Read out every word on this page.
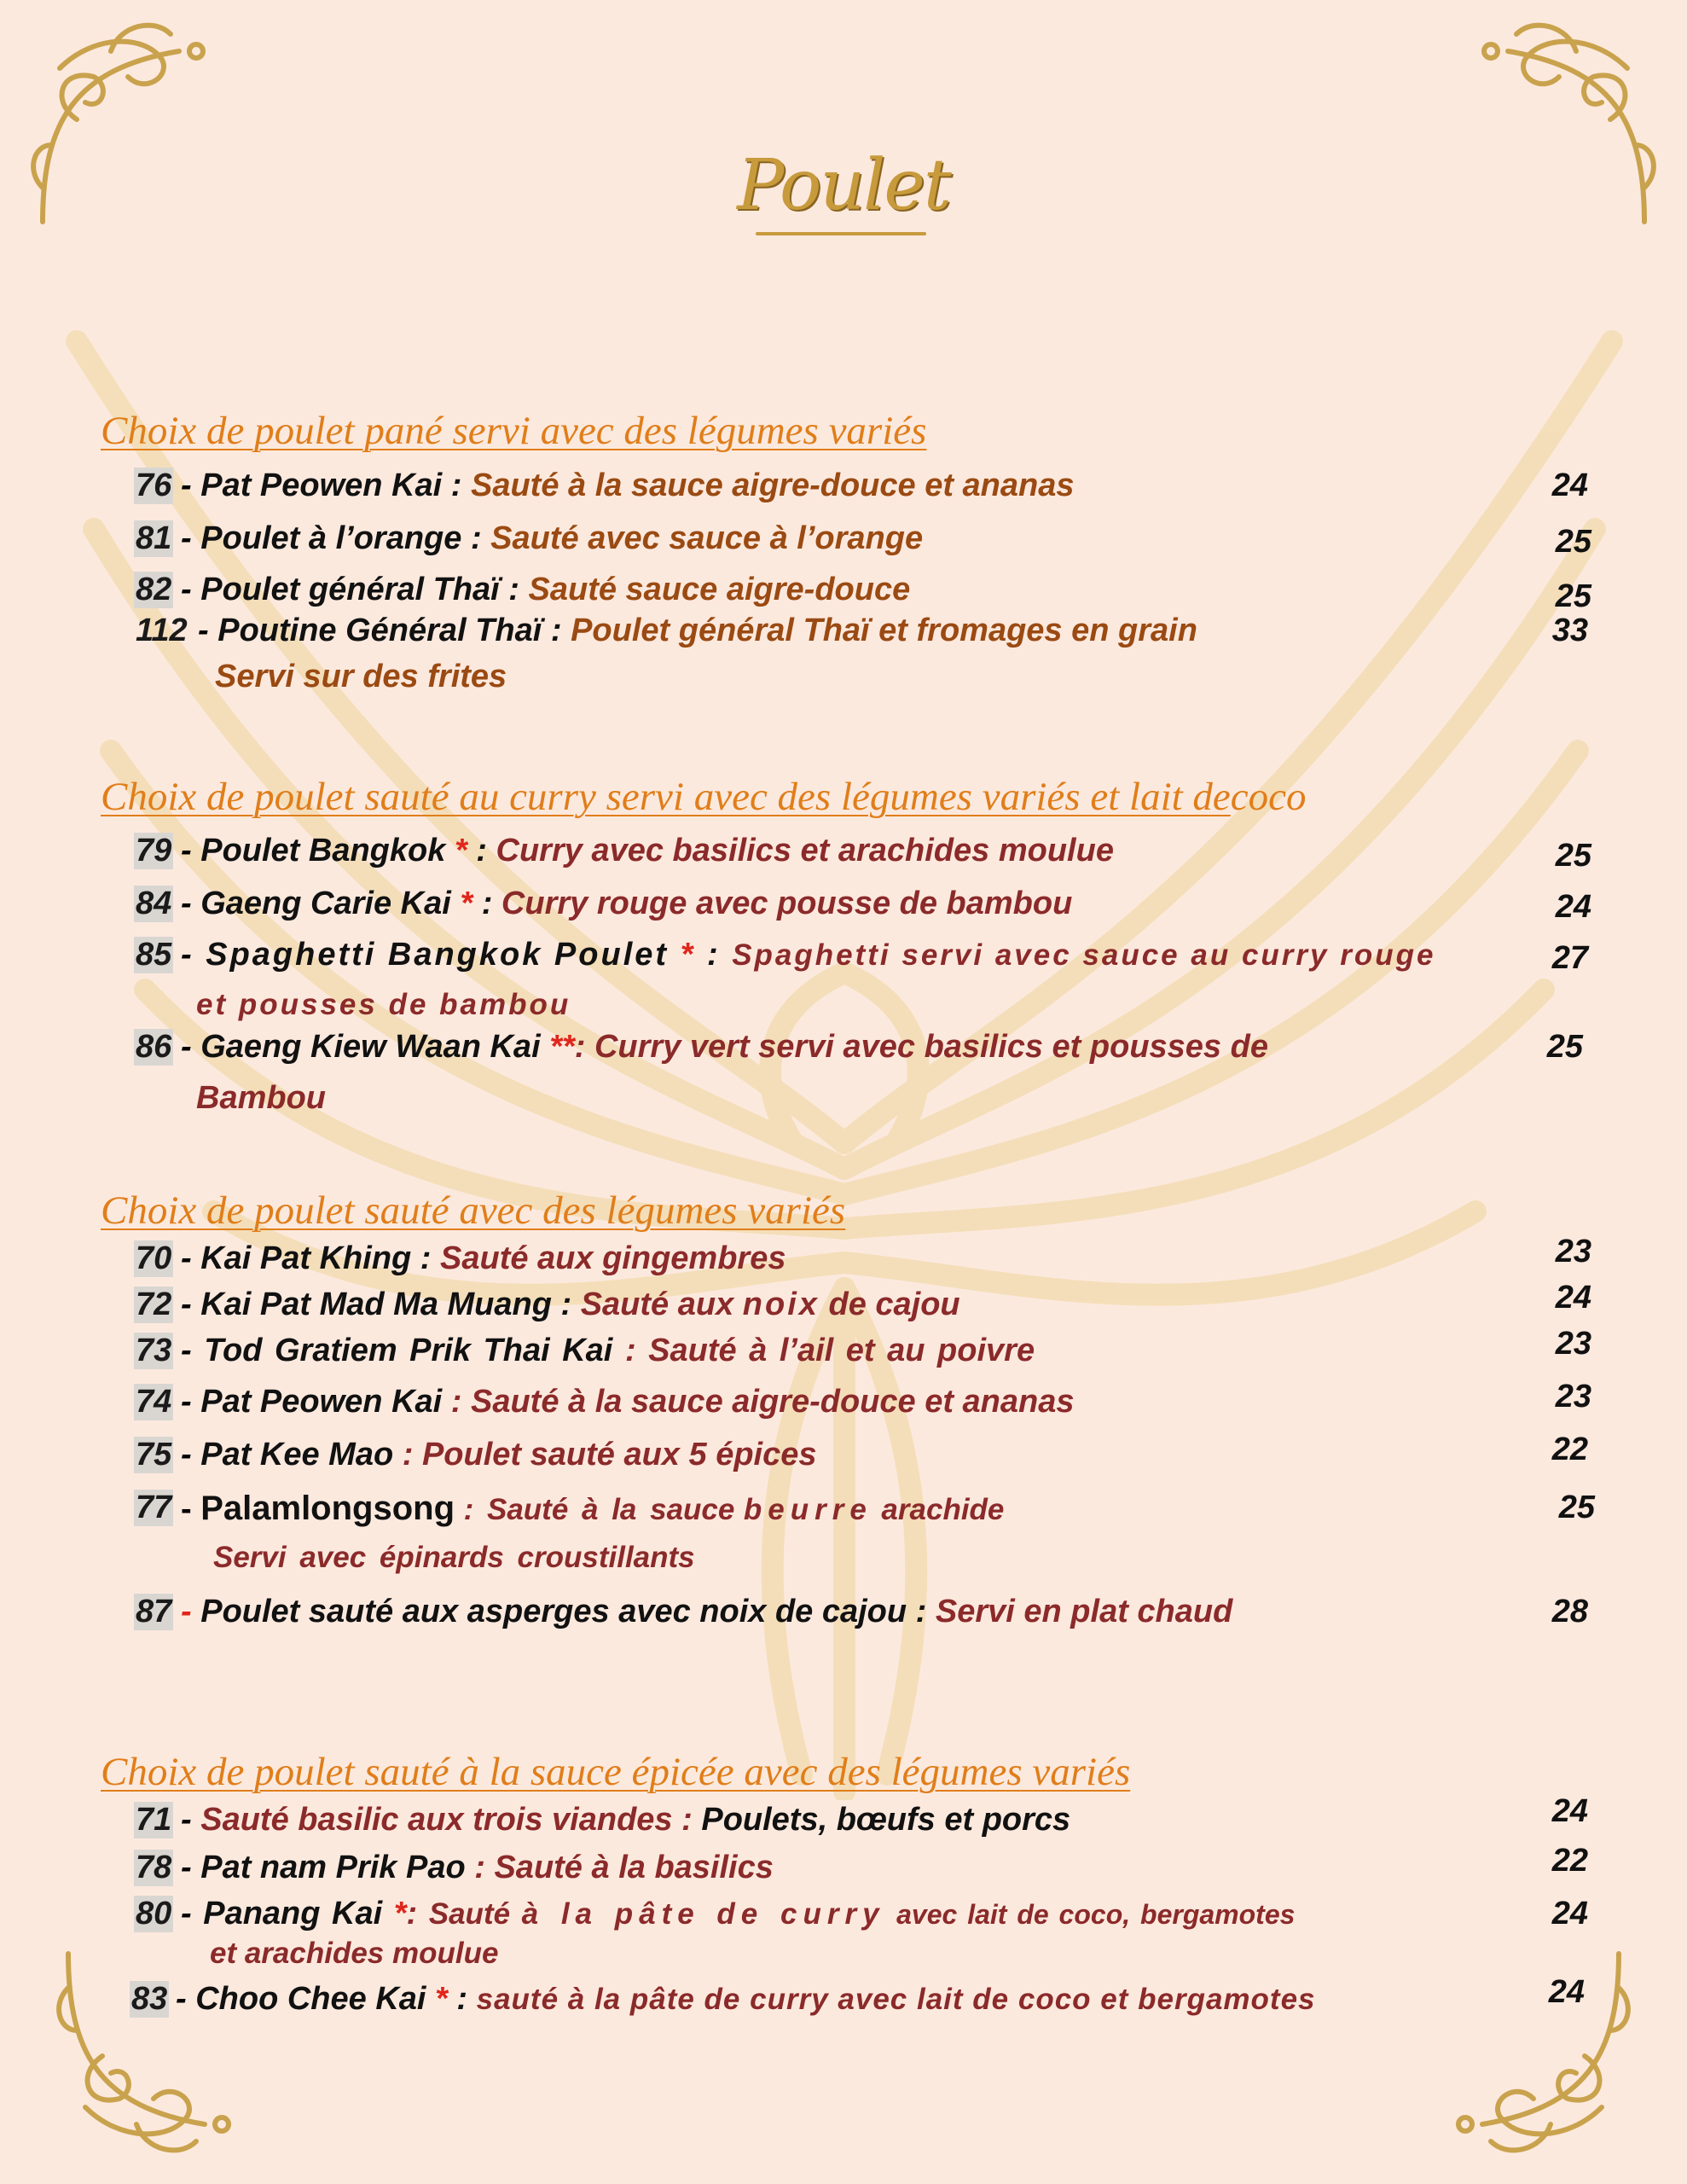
Poulet
Choix de poulet pané servi avec des légumes variés
76 - Pat Peowen Kai : Sauté à la sauce aigre-douce et ananas	24
81 - Poulet à l’orange : Sauté avec sauce à l’orange	25
82 - Poulet général Thaï : Sauté sauce aigre-douce	25
112 - Poutine Général Thaï : Poulet général Thaï et fromages en grain	33
Servi sur des frites
Choix de poulet sauté au curry servi avec des légumes variés et lait decoco
79 - Poulet Bangkok * : Curry avec basilics et arachides moulue	25
84 - Gaeng Carie Kai * : Curry rouge avec pousse de bambou	24
85 - Spaghetti Bangkok Poulet * : Spaghetti servi avec sauce au curry rouge	27
et pousses de bambou
86 - Gaeng Kiew Waan Kai **: Curry vert servi avec basilics et pousses de	25
Bambou
Choix de poulet sauté avec des légumes variés
70 - Kai Pat Khing : Sauté aux gingembres	23
72 - Kai Pat Mad Ma Muang : Sauté aux noix de cajou	24
73 - Tod Gratiem Prik Thai Kai : Sauté à l’ail et au poivre	23
74 - Pat Peowen Kai : Sauté à la sauce aigre-douce et ananas	23
75 - Pat Kee Mao : Poulet sauté aux 5 épices	22
77 - Palamlongsong : Sauté à la sauce beurre arachide	25
Servi avec épinards croustillants
87 - Poulet sauté aux asperges avec noix de cajou : Servi en plat chaud	28
Choix de poulet sauté à la sauce épicée avec des légumes variés
71 - Sauté basilic aux trois viandes : Poulets, bœufs et porcs	24
78 - Pat nam Prik Pao : Sauté à la basilics	22
80 - Panang Kai *: Sauté à la pâte de curry avec lait de coco, bergamotes	24
et arachides moulue
83 - Choo Chee Kai * : sauté à la pâte de curry avec lait de coco et bergamotes	24
